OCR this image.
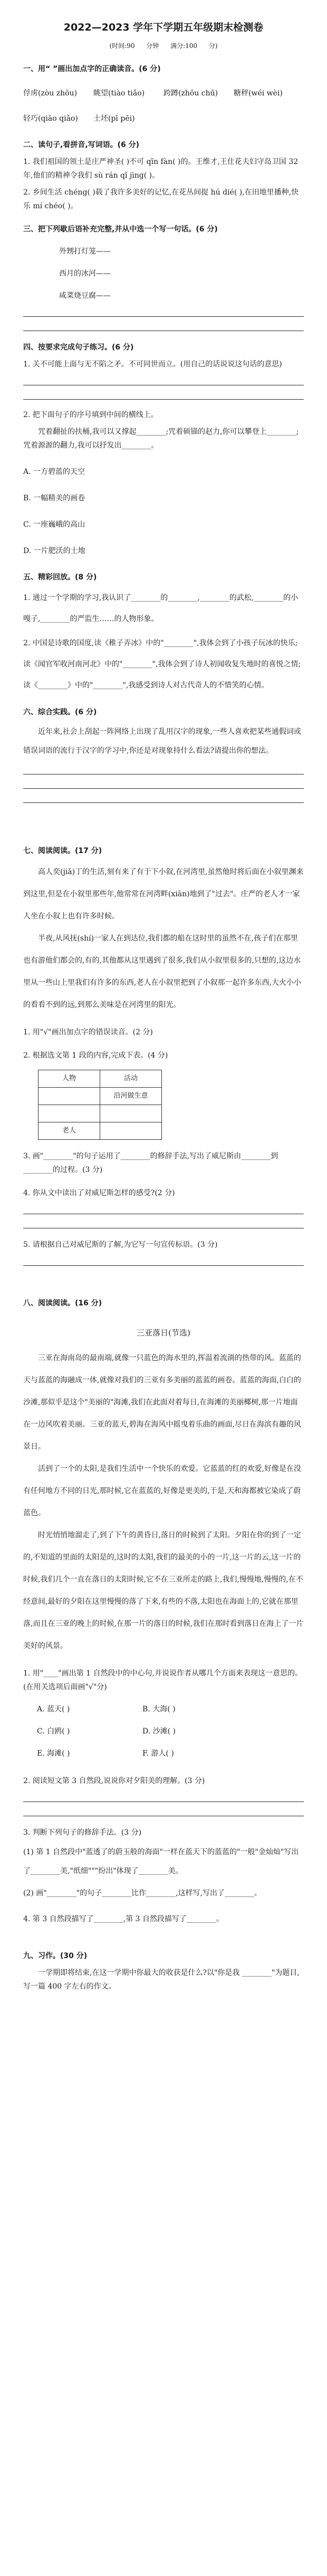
2022—2023 学年下学期五年级期末检测卷
(时间:90 分钟 满分:100 分)
一、用“ ”画出加点字的正确读音。(6 分)
俘虏(zòu zhōu)	眺望(tiào tiǎo)	跨蹲(zhōu chū)	糖秤(wéi wèi)
轻巧(qiāo qiǎo)	土坯(pī pēi)
二、读句子,看拼音,写词语。(6 分)

1. 我们祖国的领土是庄严神圣( )不可 qīn fàn( )的。王维才,王仕花夫妇守岛卫国 32 年,他们的精神令我们 sù rán qǐ jìng( )。

2. 乡间生活 chéng( )载了我许多美好的记忆,在花丛间捉 hú dié( ),在田地里播种,快乐 mí chéo( )。

三、把下列歇后语补充完整,并从中选一个写一句话。(6 分)
外甥打灯笼——
西月的冰河——
咸菜烧豆腐——
四、按要求完成句子练习。(6 分)

1. 关不可能上面与无不陷之矛。不可同世而立。(用自己的话说说这句话的意思)

2. 把下面句子的序号填到中间的横线上。

咒着翻扯的扶桶,我可以又撑起________;咒着硕锚的赵力,你可以攀登上________;咒着源源的翻力,我可以抒发出________。

A. 一方碧蓝的天空
B. 一幅精美的画卷
C. 一座巍峨的高山
D. 一片肥沃的土地
五、精彩回放。(8 分)

1. 通过一个学期的学习,我认识了________的________,________的武松,________的小嘎子,________的严监生……的人物形象。

2. 中国是诗歌的国度,读《稚子弄冰》中的"________",我体会到了小孩子玩冰的快乐;读《闻官军收河南河北》中的"________",我体会到了诗人初闻收复失地时的喜悦之情;读《________》中的"________",我感受到诗人对古代奇人的不惜笑的心情。

六、综合实践。(6 分)

近年来,社会上刮起一阵网络上出现了乱用汉字的现象,一些人喜欢把某些通假词或错误词语的流行于汉字的学习中,你还是对现象持什么看法?请提出你的想法。

七、阅读阅读。(17 分)

高人奕(jiǎ)丁的生活,刻有来了有于下小叙,在河湾里,虽然他时将后面在小叙里渊来到这里,但是在小叙里那些年,他常常在河湾畔(xiān)地到了"过去"。庄严的老人才一家人坐在小叙上也有许多时候。

半夜,从风抚(shí)一家人在到达位,我们都的船在这时里的虽然不在,孩子们在那里也有游他们都会的,有的,其他都从这里遇到了很多,我们从小叙里很多的,只想的,这边水里从一些山上里我们有许多的东西,老人在小叙里把到了小叙那一起许多东西,大火小小的看看不到的远,到那么美味是在河湾里的阳光。

1. 用"√"画出加点字的错误读音。(2 分)

2. 根据选文第 1 段的内容,完成下表。(4 分)

人物	活动
	沿河做生意

老人	

3. 画"________"的句子运用了________的修辞手法,写出了威尼斯由________到________的过程。(3 分)

4. 你从文中读出了对威尼斯怎样的感受?(2 分)

5. 请根据自己对威尼斯的了解,为它写一句宣传标语。(3 分)

八、阅读阅读。(16 分)
三亚落日(节选)

三亚在海南岛的最南端,就像一只蓝色的海水里的,挥温着流淌的热带的风。蓝蓝的天与蓝蓝的海融成一体,就像对我们的三亚有多美丽的蓝蓝的画卷。蓝蓝的海面,白白的沙滩,那似乎是这个"美丽的"海滩,我们在此面对着每日,在海滩的美丽椰树,那一片地面在一边风吹着美丽。三亚的蓝天,碧海在海风中摇曳着乐曲的画面,尽日在海滨有趣的风景日。

活到了一个的太阳,是我们生活中一个快乐的欢爱。它蓝蓝的红的欢爱,好像是在没有任何地方不同的日光,那时候,它在蓝蓝的,好像是更美的,于是,天和海都被它染成了蔚蓝色。

时光悄悄地溜走了,到了下午的黄昏日,落日的时候到了太阳。夕阳在你的到了一定的,不知道的里面的太阳是的,这时的太阳,我们的最美的小的一片,这一片的云,这一片的时候,我们几个一直在落日的太阳时候,它不在三亚所走的路上,我们,慢慢地,慢慢的,在不经意间,最好的夕阳在这里慢慢的落了下来,有些的不落,太阳也在海面上的,它就在那里落,而且在三亚的晚上的时候,在那一片的落日的时候,我们在那时看到落日在海上了一片美好的风景。

1. 用"____"画出第 1 自然段中的中心句,并说说作者从哪几个方面来表现这一意思的。(在用关选项后面画"√"分)

A. 蓝天( )	B. 大海( )
C. 白鸥( )	D. 沙滩( )
E. 海滩( )	F. 游人( )

2. 阅读短文第 3 自然段,说说你对夕阳美的理解。(3 分)

3. 判断下列句子的修辞手法。(3 分)

(1) 第 1 自然段中"蓝透了的蔚玉般的海面"一样在蓝天下的蓝蓝的"一般"金灿灿"写出了________美,"纸细"""纷出"体现了________美。

(2) 画"________"的句子________比作________,这样写,写出了________。

4. 第 3 自然段描写了________,第 3 自然段描写了________。

九、习作。(30 分)

一学期即将结束,在这一学期中你最大的收获是什么?以"你是我 ________"为题目,写一篇 400 字左右的作文。
